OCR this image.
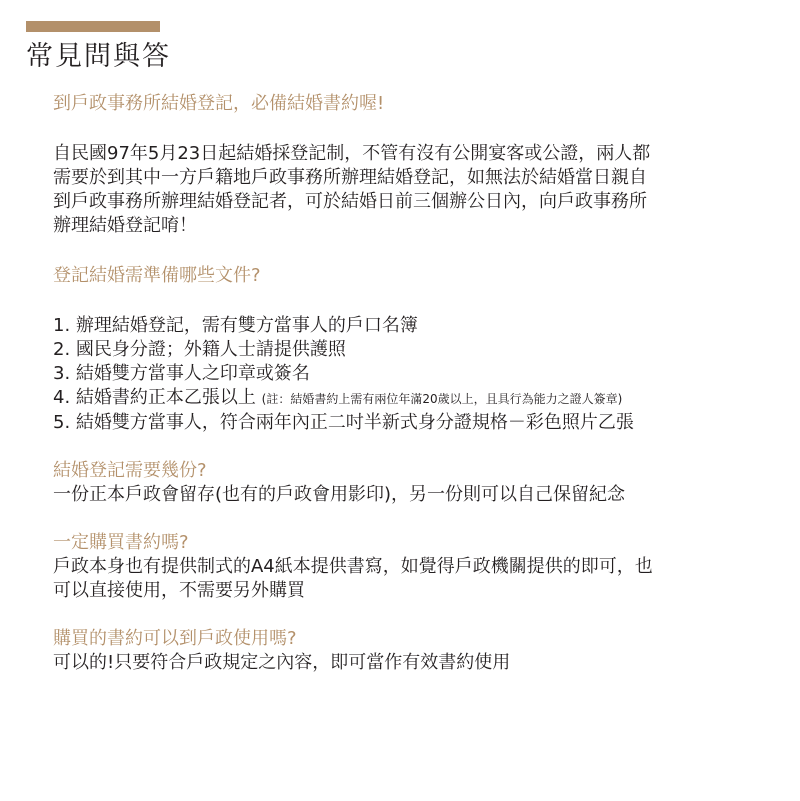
常見問與答

到戶政事務所結婚登記，必備結婚書約喔!

自民國97年5月23日起結婚採登記制，不管有沒有公開宴客或公證，兩人都

需要於到其中一方戶籍地戶政事務所辦理結婚登記，如無法於結婚當日親自

到戶政事務所辦理結婚登記者，可於結婚日前三個辦公日內，向戶政事務所

辦理結婚登記唷！

登記結婚需準備哪些文件?

1. 辦理結婚登記，需有雙方當事人的戶口名簿
2. 國民身分證；外籍人士請提供護照
3. 結婚雙方當事人之印章或簽名
4. 結婚書約正本乙張以上 (註：結婚書約上需有兩位年滿20歲以上，且具行為能力之證人簽章)
5. 結婚雙方當事人，符合兩年內正二吋半新式身分證規格－彩色照片乙張

結婚登記需要幾份?

一份正本戶政會留存(也有的戶政會用影印)，另一份則可以自己保留紀念

一定購買書約嗎?

戶政本身也有提供制式的A4紙本提供書寫，如覺得戶政機關提供的即可，也

可以直接使用，不需要另外購買

購買的書約可以到戶政使用嗎?

可以的!只要符合戶政規定之內容，即可當作有效書約使用
